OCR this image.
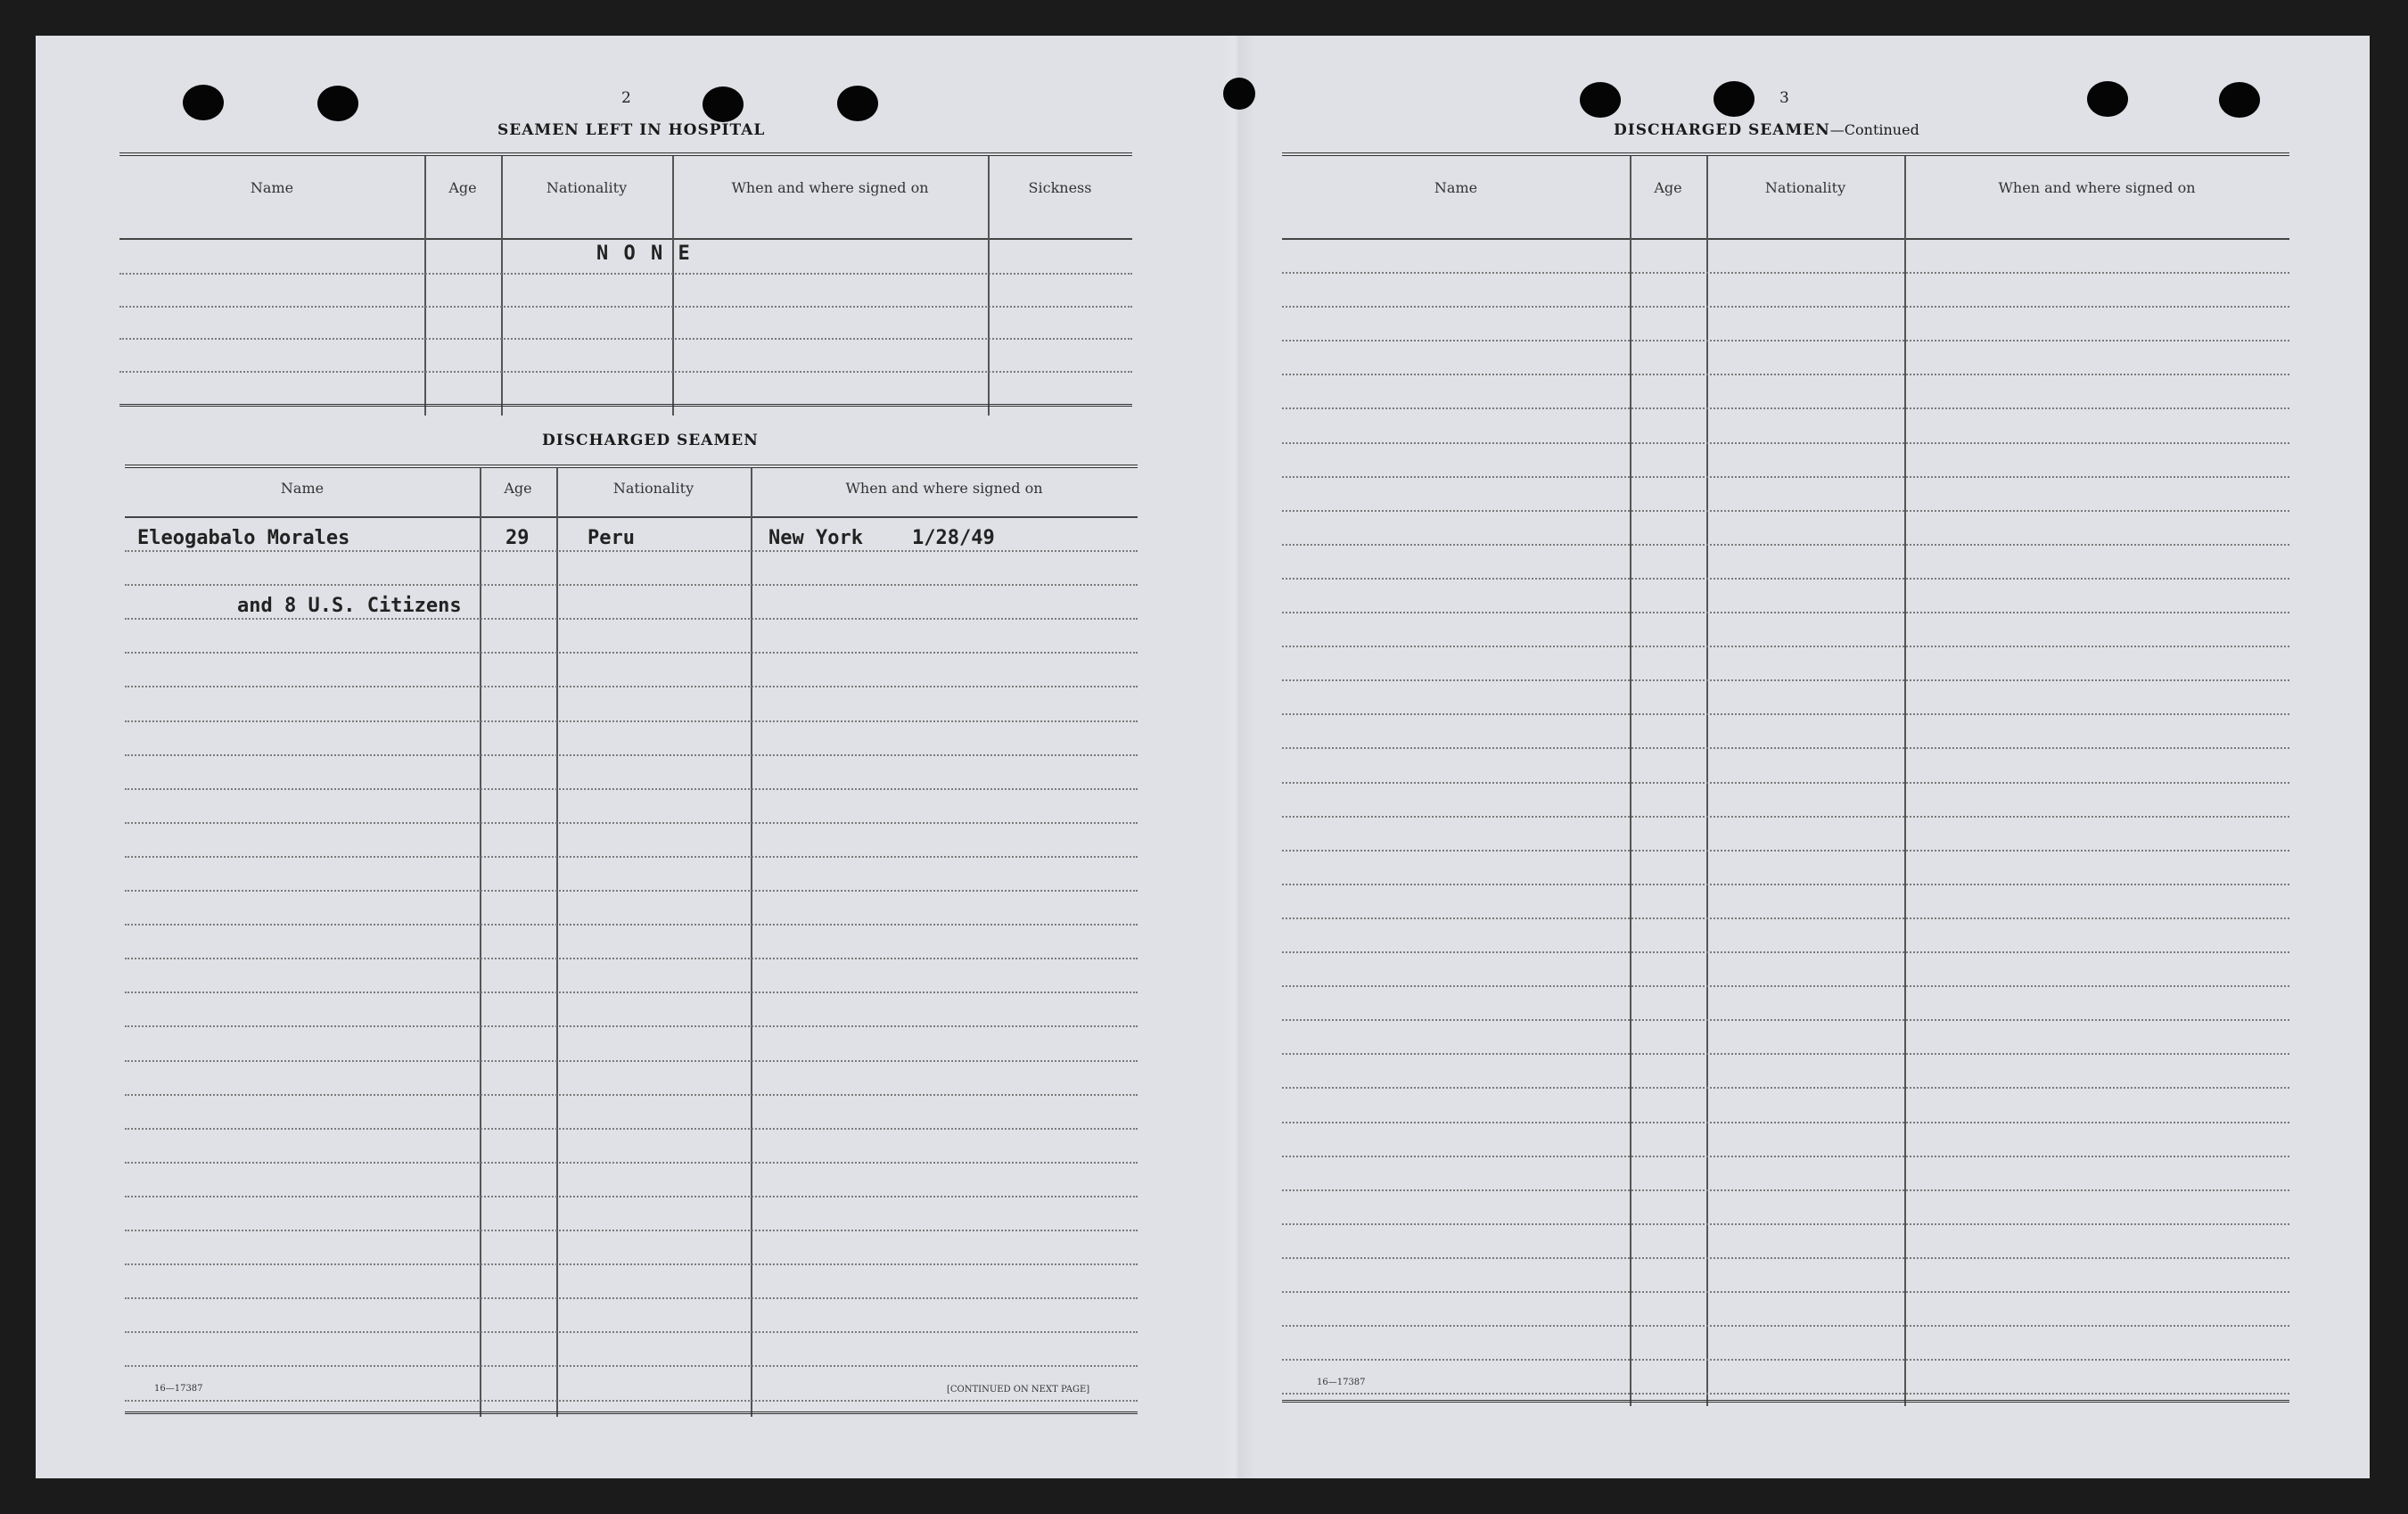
2
SEAMEN LEFT IN HOSPITAL
Name	Age	Nationality	When and where signed on	Sickness
N O N E
DISCHARGED SEAMEN
Name	Age	Nationality	When and where signed on
Eleogabalo Morales	29	Peru	New York	1/28/49
and 8 U.S. Citizens
16—17387	[CONTINUED ON NEXT PAGE]
3
DISCHARGED SEAMEN—Continued
Name	Age	Nationality	When and where signed on
16—17387
